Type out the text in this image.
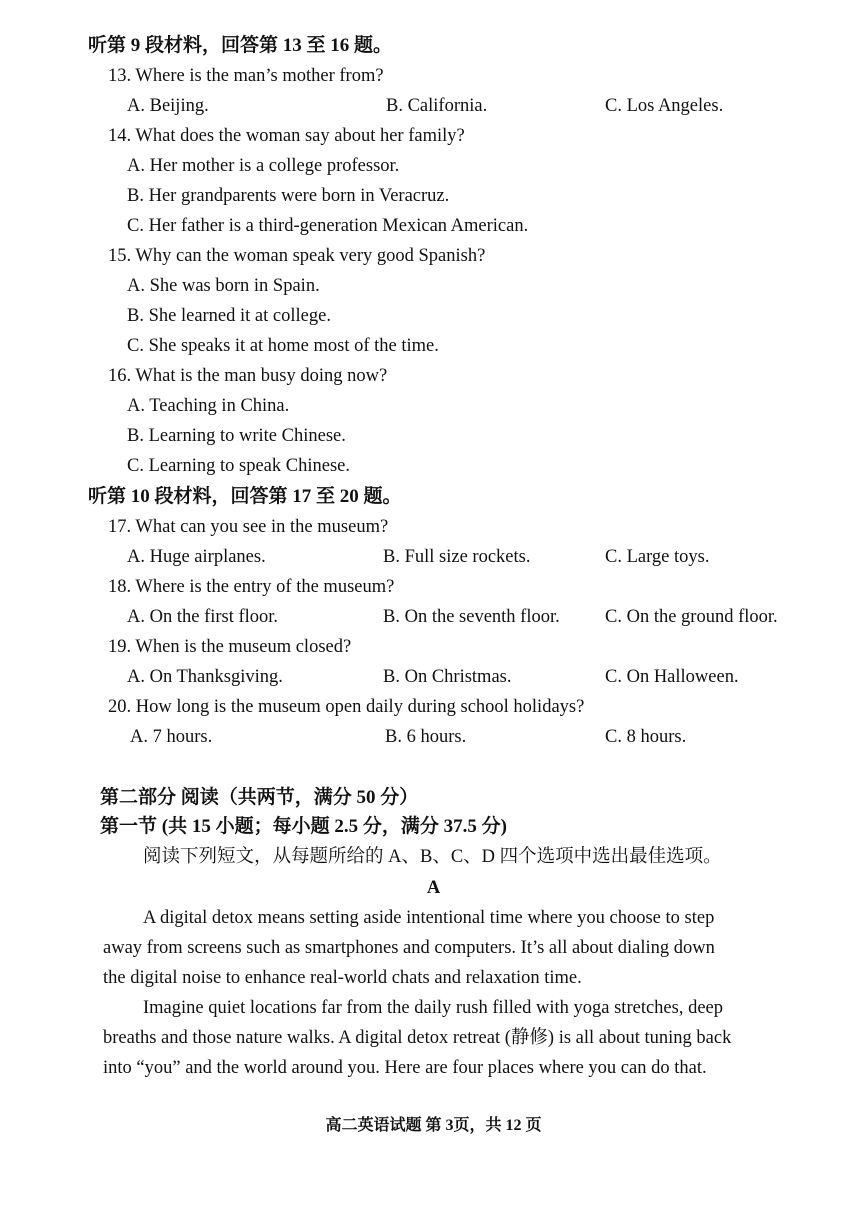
听第 9 段材料，回答第 13 至 16 题。
13. Where is the man’s mother from?
A. Beijing.	B. California.	C. Los Angeles.
14. What does the woman say about her family?
A. Her mother is a college professor.
B. Her grandparents were born in Veracruz.
C. Her father is a third-generation Mexican American.
15. Why can the woman speak very good Spanish?
A. She was born in Spain.
B. She learned it at college.
C. She speaks it at home most of the time.
16. What is the man busy doing now?
A. Teaching in China.
B. Learning to write Chinese.
C. Learning to speak Chinese.
听第 10 段材料，回答第 17 至 20 题。
17. What can you see in the museum?
A. Huge airplanes.	B. Full size rockets.	C. Large toys.
18. Where is the entry of the museum?
A. On the first floor.	B. On the seventh floor. C. On the ground floor.
19. When is the museum closed?
A. On Thanksgiving.	B. On Christmas.	C. On Halloween.
20. How long is the museum open daily during school holidays?
A. 7 hours.	B. 6 hours.	C. 8 hours.
第二部分 阅读（共两节，满分 50 分）
第一节 (共 15 小题；每小题 2.5 分，满分 37.5 分)
阅读下列短文，从每题所给的 A、B、C、D 四个选项中选出最佳选项。
A
A digital detox means setting aside intentional time where you choose to step
away from screens such as smartphones and computers. It’s all about dialing down
the digital noise to enhance real-world chats and relaxation time.
Imagine quiet locations far from the daily rush filled with yoga stretches, deep
breaths and those nature walks. A digital detox retreat (静修) is all about tuning back
into “you” and the world around you. Here are four places where you can do that.
高二英语试题 第 3页，共 12 页
